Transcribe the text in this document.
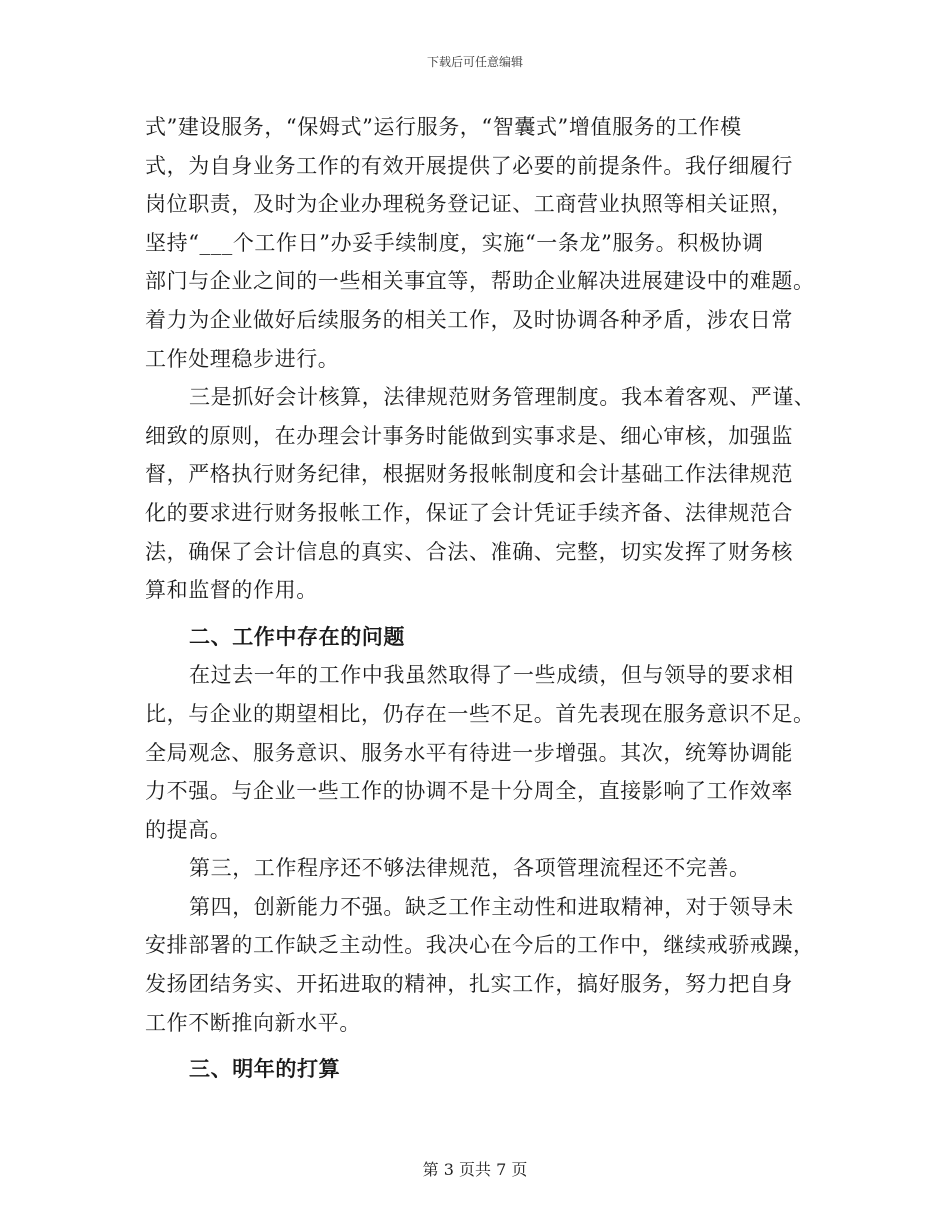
下载后可任意编辑
式”建设服务，“保姆式”运行服务，“智囊式”增值服务的工作模
式，为自身业务工作的有效开展提供了必要的前提条件。我仔细履行
岗位职责，及时为企业办理税务登记证、工商营业执照等相关证照，
坚持“___个工作日”办妥手续制度，实施“一条龙”服务。积极协调
部门与企业之间的一些相关事宜等，帮助企业解决进展建设中的难题。
着力为企业做好后续服务的相关工作，及时协调各种矛盾，涉农日常
工作处理稳步进行。
三是抓好会计核算，法律规范财务管理制度。我本着客观、严谨、
细致的原则，在办理会计事务时能做到实事求是、细心审核，加强监
督，严格执行财务纪律，根据财务报帐制度和会计基础工作法律规范
化的要求进行财务报帐工作，保证了会计凭证手续齐备、法律规范合
法，确保了会计信息的真实、合法、准确、完整，切实发挥了财务核
算和监督的作用。
二、工作中存在的问题
在过去一年的工作中我虽然取得了一些成绩，但与领导的要求相
比，与企业的期望相比，仍存在一些不足。首先表现在服务意识不足。
全局观念、服务意识、服务水平有待进一步增强。其次，统筹协调能
力不强。与企业一些工作的协调不是十分周全，直接影响了工作效率
的提高。
第三，工作程序还不够法律规范，各项管理流程还不完善。
第四，创新能力不强。缺乏工作主动性和进取精神，对于领导未
安排部署的工作缺乏主动性。我决心在今后的工作中，继续戒骄戒躁，
发扬团结务实、开拓进取的精神，扎实工作，搞好服务，努力把自身
工作不断推向新水平。
三、明年的打算
第 3 页共 7 页
